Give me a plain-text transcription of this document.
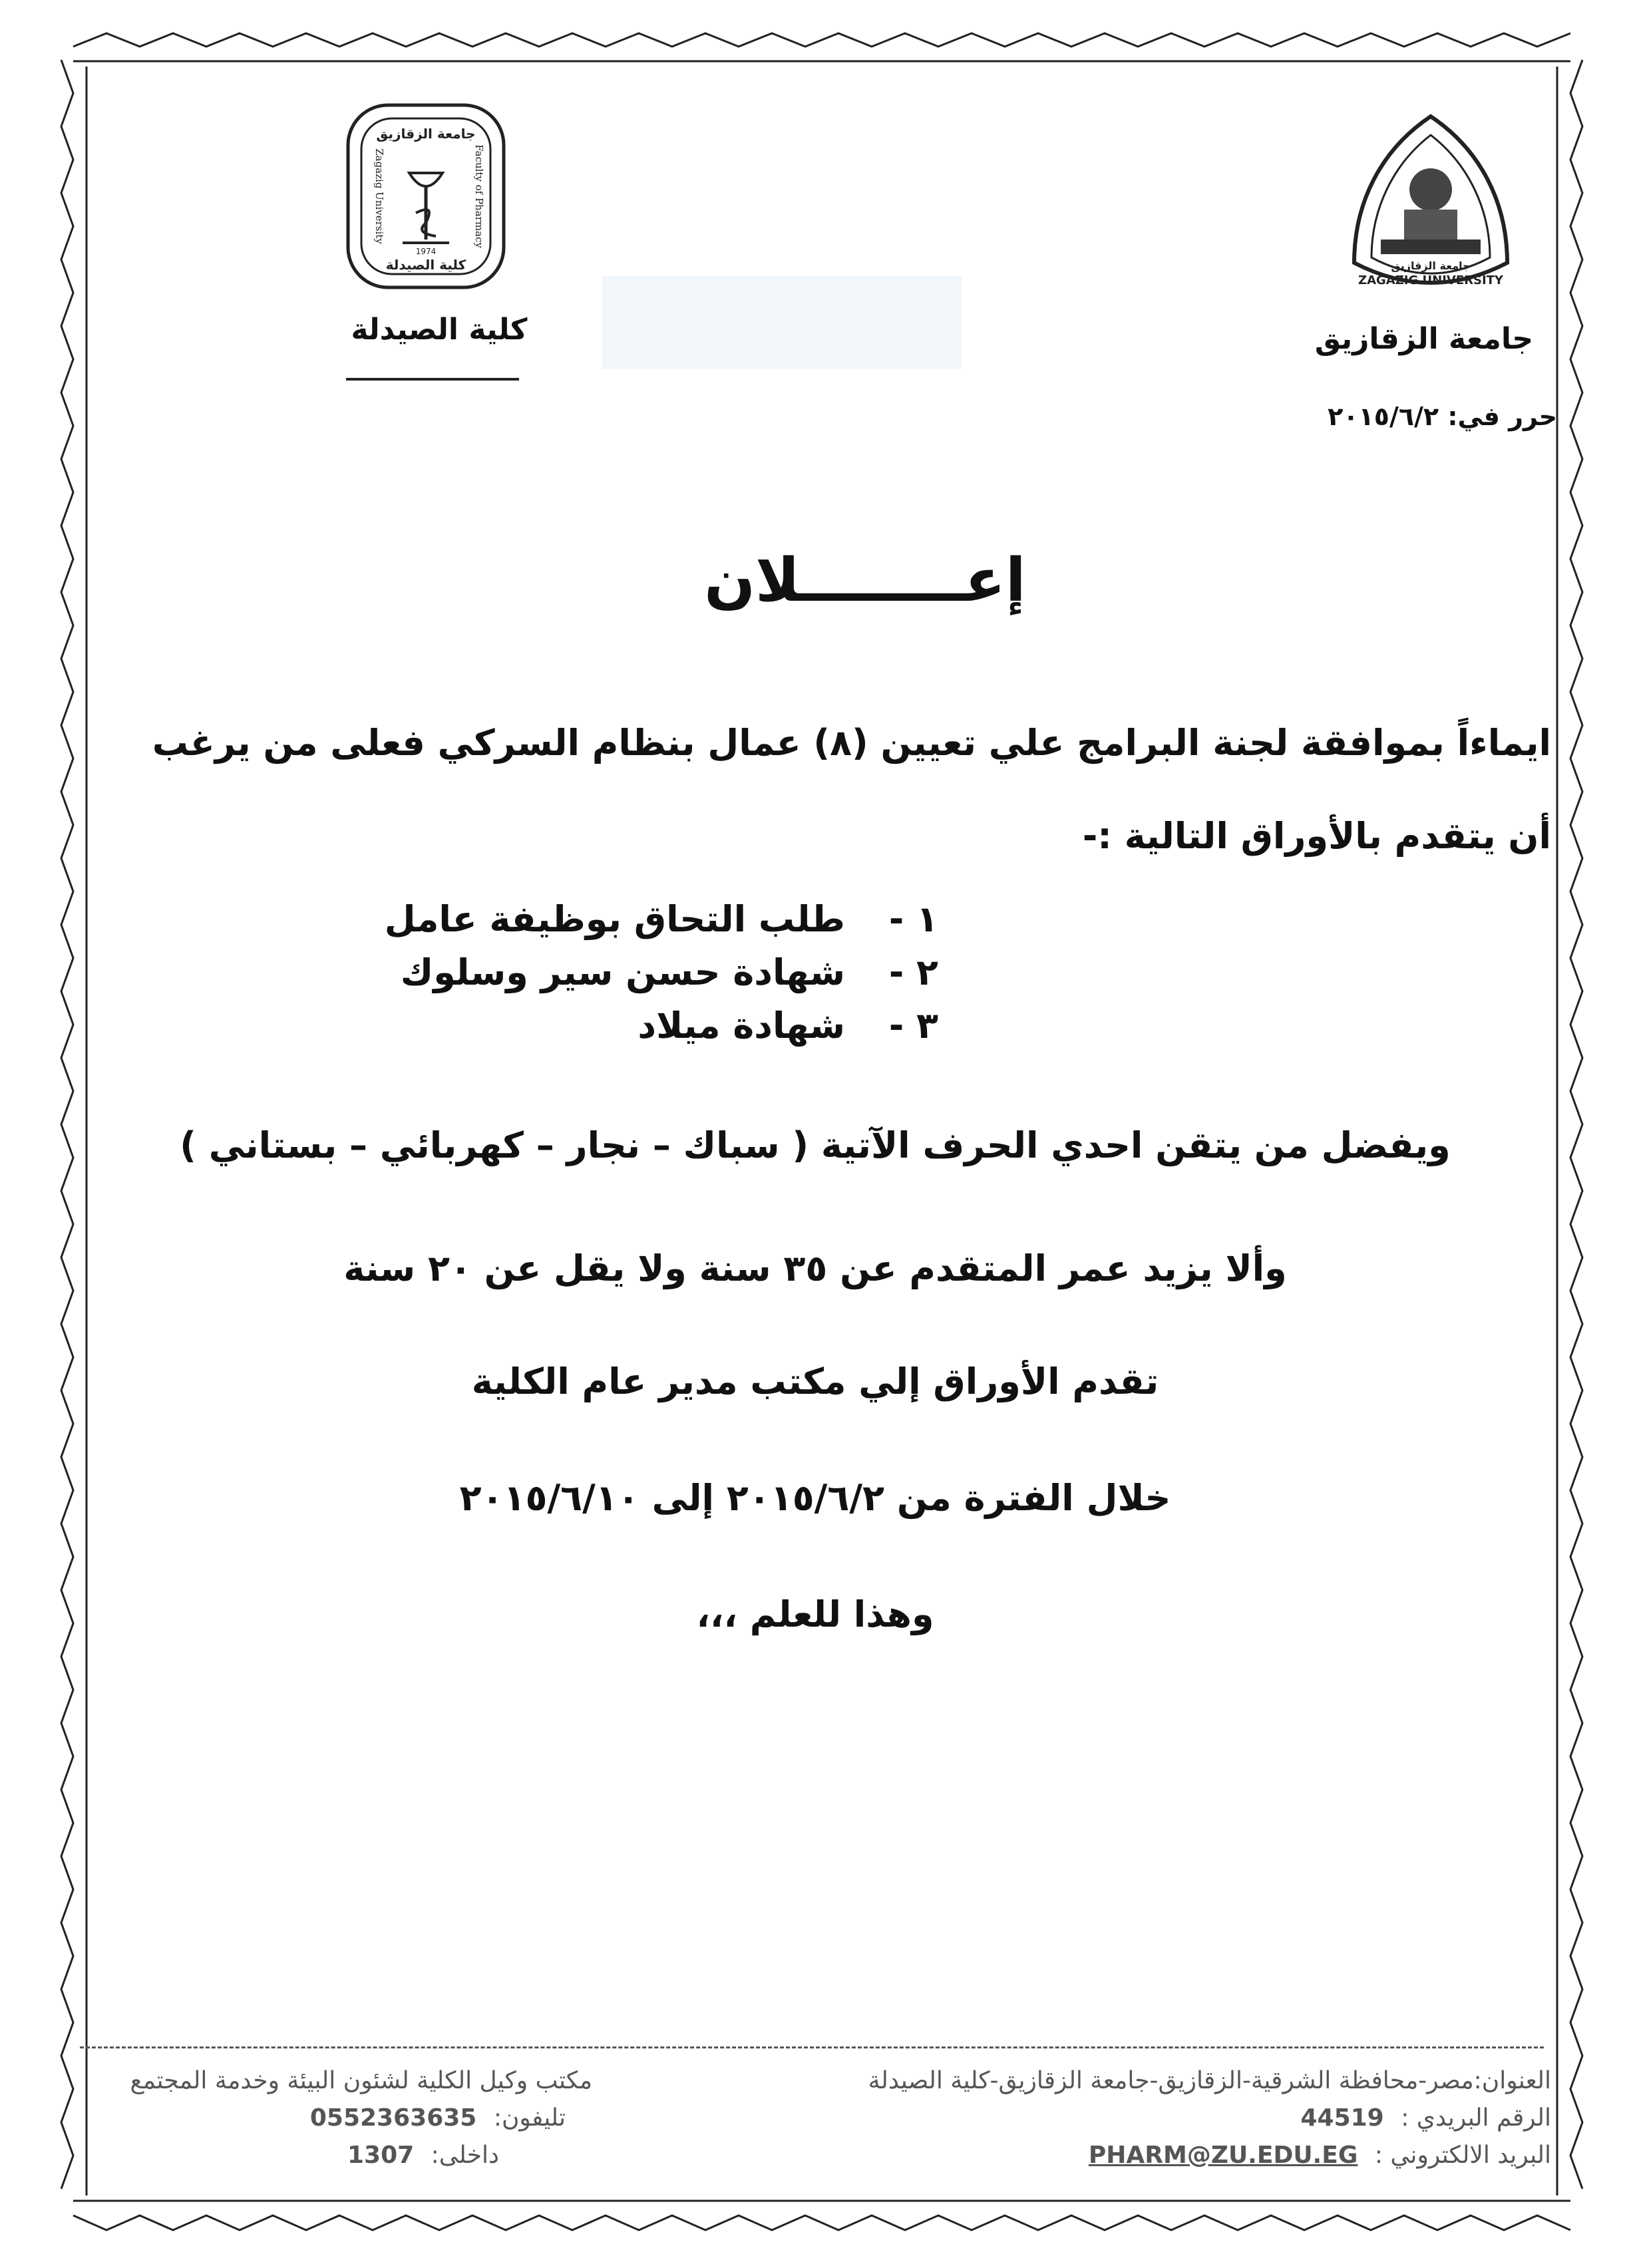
ZAGAZIG UNIVERSITY
جامعة الزقازيق
جامعة الزقازيق
كلية الصيدلة
Zagazig University	Faculty of Pharmacy
1974
جامعة الزقازيق
كلية الصيدلة
حرر في: ٢٠١٥/٦/٢
إعــــــــلان
ايماءاً بموافقة لجنة البرامج علي تعيين (٨) عمال بنظام السركي فعلى من يرغب
أن يتقدم بالأوراق التالية :-
١ -
طلب التحاق بوظيفة عامل
٢ -
شهادة حسن سير وسلوك
٣ -
شهادة ميلاد
ويفضل من يتقن احدي الحرف الآتية ( سباك – نجار – كهربائي – بستاني )
وألا يزيد عمر المتقدم عن ٣٥ سنة ولا يقل عن ٢٠ سنة
تقدم الأوراق إلي مكتب مدير عام الكلية
خلال الفترة من ٢٠١٥/٦/٢ إلى ٢٠١٥/٦/١٠
وهذا للعلم ،،،
العنوان:مصر-محافظة الشرقية-الزقازيق-جامعة الزقازيق-كلية الصيدلة
الرقم البريدي : 44519
البريد الالكتروني : PHARM@ZU.EDU.EG
مكتب وكيل الكلية لشئون البيئة وخدمة المجتمع
تليفون: 0552363635
داخلى: 1307
